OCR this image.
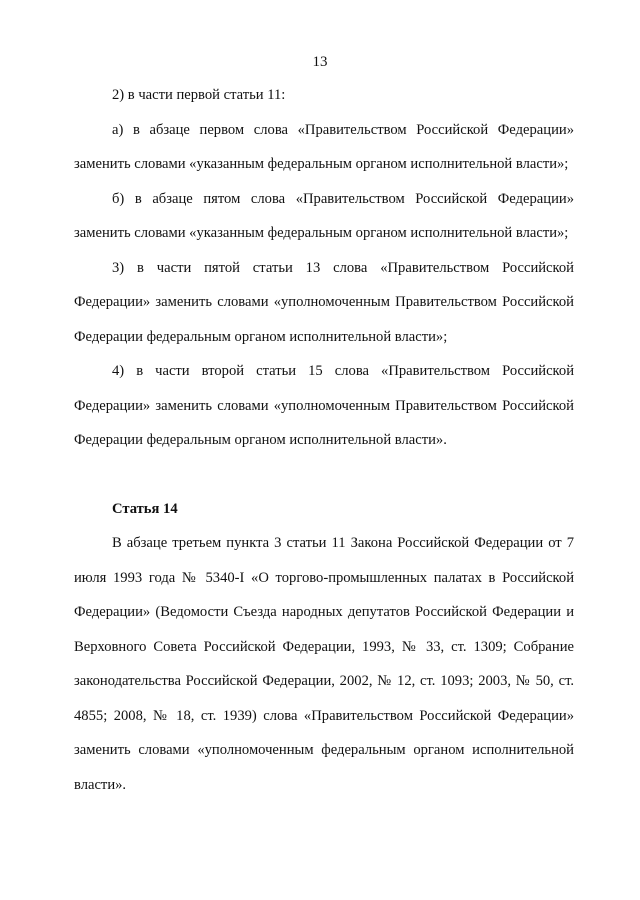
13

2) в части первой статьи 11:

а) в абзаце первом слова «Правительством Российской Федерации» заменить словами «указанным федеральным органом исполнительной власти»;

б) в абзаце пятом слова «Правительством Российской Федерации» заменить словами «указанным федеральным органом исполнительной власти»;

3) в части пятой статьи 13 слова «Правительством Российской Федерации» заменить словами «уполномоченным Правительством Российской Федерации федеральным органом исполнительной власти»;

4) в части второй статьи 15 слова «Правительством Российской Федерации» заменить словами «уполномоченным Правительством Российской Федерации федеральным органом исполнительной власти».

Статья 14

В абзаце третьем пункта 3 статьи 11 Закона Российской Федерации от 7 июля 1993 года № 5340-I «О торгово-промышленных палатах в Российской Федерации» (Ведомости Съезда народных депутатов Российской Федерации и Верховного Совета Российской Федерации, 1993, № 33, ст. 1309; Собрание законодательства Российской Федерации, 2002, № 12, ст. 1093; 2003, № 50, ст. 4855; 2008, № 18, ст. 1939) слова «Правительством Российской Федерации» заменить словами «уполномоченным федеральным органом исполнительной власти».
